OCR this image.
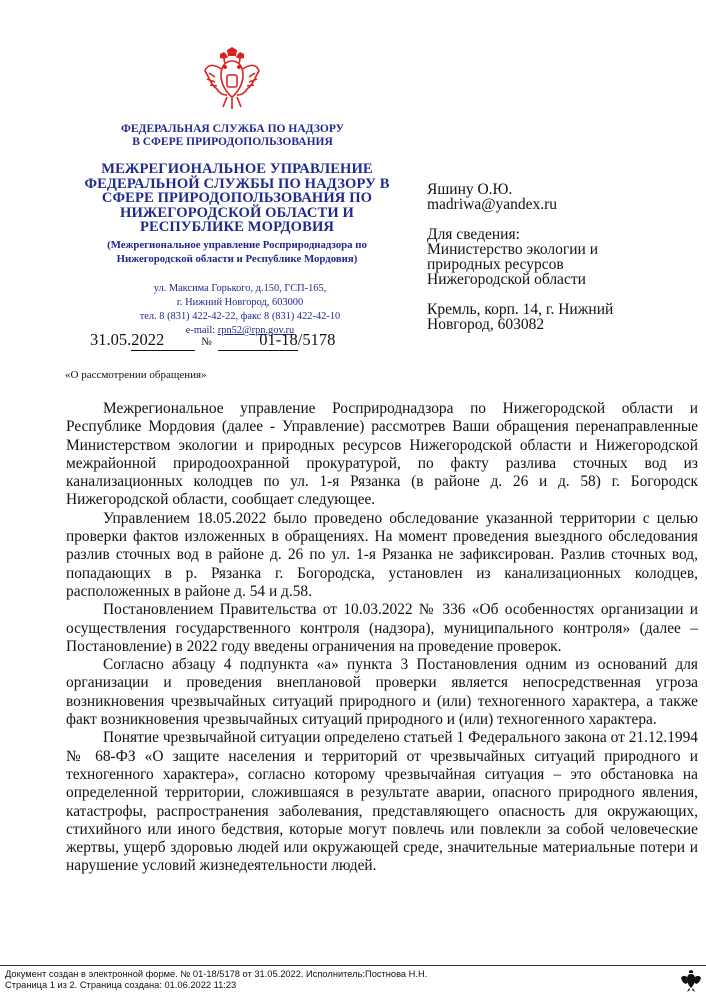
ФЕДЕРАЛЬНАЯ СЛУЖБА ПО НАДЗОРУ
В СФЕРЕ ПРИРОДОПОЛЬЗОВАНИЯ
МЕЖРЕГИОНАЛЬНОЕ УПРАВЛЕНИЕ
ФЕДЕРАЛЬНОЙ СЛУЖБЫ ПО НАДЗОРУ В
СФЕРЕ ПРИРОДОПОЛЬЗОВАНИЯ ПО
НИЖЕГОРОДСКОЙ ОБЛАСТИ И
РЕСПУБЛИКЕ МОРДОВИЯ
(Межрегиональное управление Росприроднадзора по
Нижегородской области и Республике Мордовия)
ул. Максима Горького, д.150, ГСП-165,
г. Нижний Новгород, 603000
тел. 8 (831) 422-42-22, факс 8 (831) 422-42-10
e-mail: rpn52@rpn.gov.ru
31.05.2022	№	01-18/5178
«О рассмотрении обращения»
Яшину О.Ю.
madriwa@yandex.ru
Для сведения:
Министерство экологии и
природных ресурсов
Нижегородской области
Кремль, корп. 14, г. Нижний
Новгород, 603082

Межрегиональное управление Росприроднадзора по Нижегородской области и Республике Мордовия (далее - Управление) рассмотрев Ваши обращения перенаправленные Министерством экологии и природных ресурсов Нижегородской области и Нижегородской межрайонной природоохранной прокуратурой, по факту разлива сточных вод из канализационных колодцев по ул. 1-я Рязанка (в районе д. 26 и д. 58) г. Богородск Нижегородской области, сообщает следующее.

Управлением 18.05.2022 было проведено обследование указанной территории с целью проверки фактов изложенных в обращениях. На момент проведения выездного обследования разлив сточных вод в районе д. 26 по ул. 1-я Рязанка не зафиксирован. Разлив сточных вод, попадающих в р. Рязанка г. Богородска, установлен из канализационных колодцев, расположенных в районе д. 54 и д.58.

Постановлением Правительства от 10.03.2022 № 336 «Об особенностях организации и осуществления государственного контроля (надзора), муниципального контроля» (далее – Постановление) в 2022 году введены ограничения на проведение проверок.

Согласно абзацу 4 подпункта «а» пункта 3 Постановления одним из оснований для организации и проведения внеплановой проверки является непосредственная угроза возникновения чрезвычайных ситуаций природного и (или) техногенного характера, а также факт возникновения чрезвычайных ситуаций природного и (или) техногенного характера.

Понятие чрезвычайной ситуации определено статьей 1 Федерального закона от 21.12.1994 № 68-ФЗ «О защите населения и территорий от чрезвычайных ситуаций природного и техногенного характера», согласно которому чрезвычайная ситуация – это обстановка на определенной территории, сложившаяся в результате аварии, опасного природного явления, катастрофы, распространения заболевания, представляющего опасность для окружающих, стихийного или иного бедствия, которые могут повлечь или повлекли за собой человеческие жертвы, ущерб здоровью людей или окружающей среде, значительные материальные потери и нарушение условий жизнедеятельности людей.

Документ создан в электронной форме. № 01-18/5178 от 31.05.2022. Исполнитель:Постнова Н.Н.
Страница 1 из 2. Страница создана: 01.06.2022 11:23
